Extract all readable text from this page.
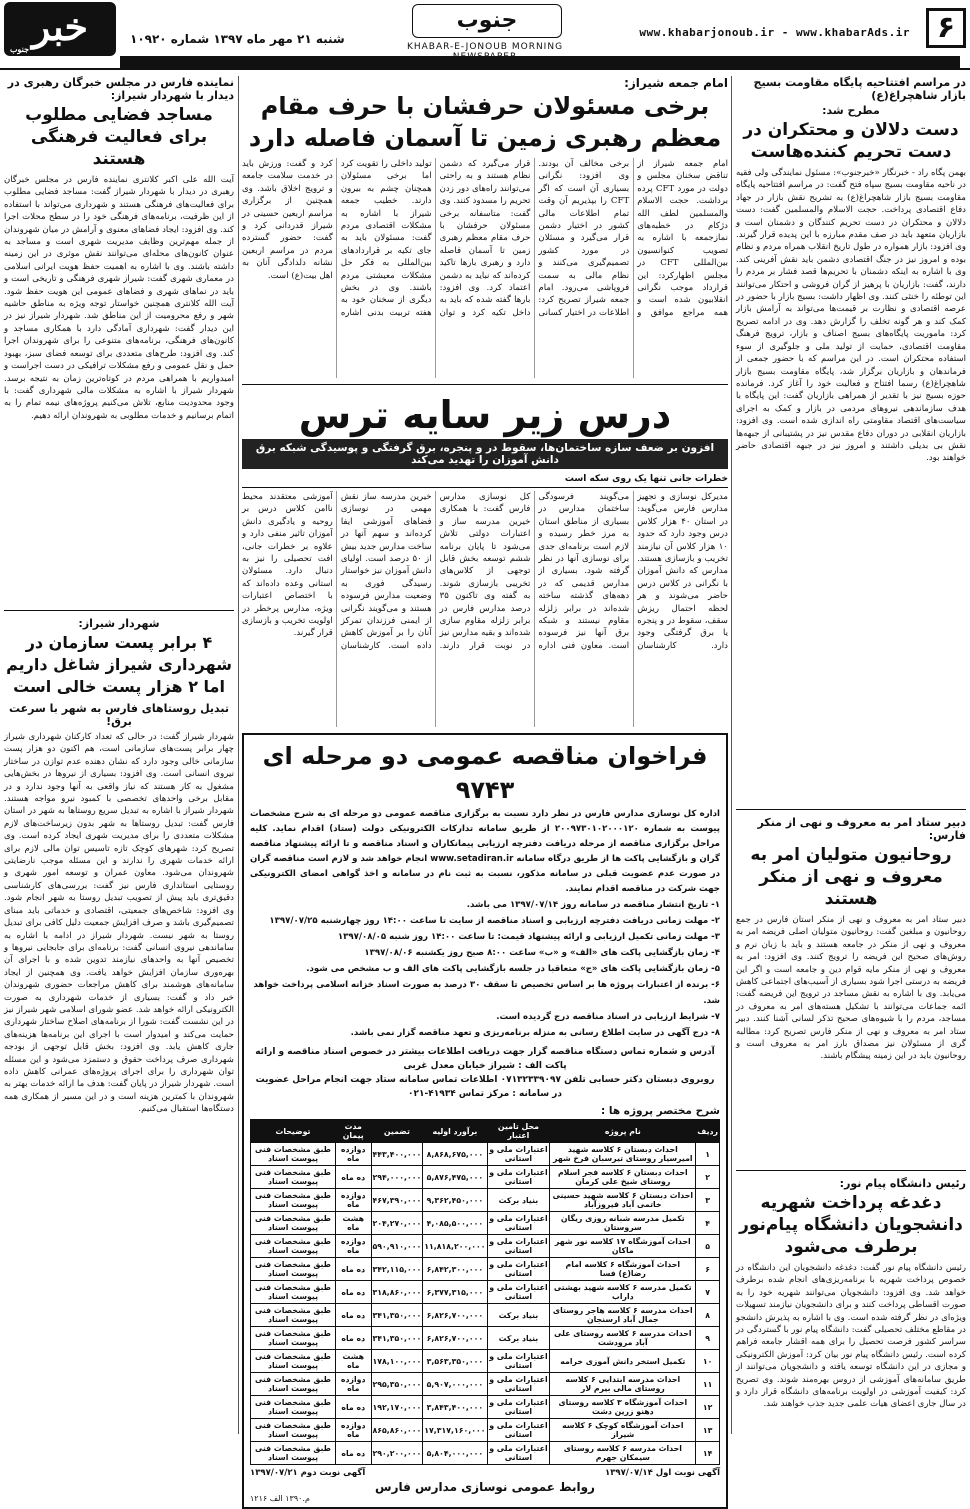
۶
www.khabarjonoub.ir - www.khabarAds.ir
جنوب
KHABAR-E-JONOUB MORNING
شنبه ۲۱ مهر ماه ۱۳۹۷ شماره ۱۰۹۲۰
خبر
جنوب
در مراسم افتتاحیه پایگاه مقاومت بسیج بازار شاهچراغ(ع)
مطرح شد:
دست دلالان و محتکران در دست تحریم کننده‌هاست
بهمن پگاه راد - خبرنگار «خبرجنوب»: مسئول نمایندگی ولی فقیه در ناحیه مقاومت بسیج سپاه فتح گفت: در مراسم افتتاحیه پایگاه مقاومت بسیج بازار شاهچراغ(ع) به تشریح نقش بازار در جهاد دفاع اقتصادی پرداخت. حجت الاسلام والمسلمین گفت: دست دلالان و محتکران در دست تحریم کنندگان و دشمنان است و بازاریان متعهد باید در صف مقدم مبارزه با این پدیده قرار گیرند. وی افزود: بازار همواره در طول تاریخ انقلاب همراه مردم و نظام بوده و امروز نیز در جنگ اقتصادی دشمن باید نقش آفرینی کند. وی با اشاره به اینکه دشمنان با تحریم‌ها قصد فشار بر مردم را دارند، گفت: بازاریان با پرهیز از گران فروشی و احتکار می‌توانند این توطئه را خنثی کنند. وی اظهار داشت: بسیج بازار با حضور در عرصه اقتصادی و نظارت بر قیمت‌ها می‌تواند به آرامش بازار کمک کند و هر گونه تخلف را گزارش دهد. وی در ادامه تصریح کرد: ماموریت پایگاه‌های بسیج اصناف و بازار، ترویج فرهنگ مقاومت اقتصادی، حمایت از تولید ملی و جلوگیری از سوء استفاده محتکران است. در این مراسم که با حضور جمعی از فرماندهان و بازاریان برگزار شد، پایگاه مقاومت بسیج بازار شاهچراغ(ع) رسما افتتاح و فعالیت خود را آغاز کرد. فرمانده حوزه بسیج نیز با تقدیر از همراهی بازاریان گفت: این پایگاه با هدف سازماندهی نیروهای مردمی در بازار و کمک به اجرای سیاست‌های اقتصاد مقاومتی راه اندازی شده است. وی افزود: بازاریان انقلابی در دوران دفاع مقدس نیز در پشتیبانی از جبهه‌ها نقش بی بدیلی داشتند و امروز نیز در جبهه اقتصادی حاضر خواهند بود.
دبیر ستاد امر به معروف و نهی از منکر فارس:
روحانیون متولیان امر به معروف و نهی از منکر هستند
دبیر ستاد امر به معروف و نهی از منکر استان فارس در جمع روحانیون و مبلغین گفت: روحانیون متولیان اصلی فریضه امر به معروف و نهی از منکر در جامعه هستند و باید با زبان نرم و روش‌های صحیح این فریضه را ترویج کنند. وی افزود: امر به معروف و نهی از منکر مایه قوام دین و جامعه است و اگر این فریضه به درستی اجرا شود بسیاری از آسیب‌های اجتماعی کاهش می‌یابد. وی با اشاره به نقش مساجد در ترویج این فریضه گفت: ائمه جماعات می‌توانند با تشکیل هسته‌های امر به معروف در مساجد، مردم را با شیوه‌های صحیح تذکر لسانی آشنا کنند. دبیر ستاد امر به معروف و نهی از منکر فارس تصریح کرد: مطالبه گری از مسئولان نیز مصداق بارز امر به معروف است و روحانیون باید در این زمینه پیشگام باشند.
رئیس دانشگاه پیام نور:
دغدغه پرداخت شهریه دانشجویان دانشگاه پیام‌نور برطرف می‌شود
رئیس دانشگاه پیام نور گفت: دغدغه دانشجویان این دانشگاه در خصوص پرداخت شهریه با برنامه‌ریزی‌های انجام شده برطرف خواهد شد. وی افزود: دانشجویان می‌توانند شهریه خود را به صورت اقساطی پرداخت کنند و برای دانشجویان نیازمند تسهیلات ویژه‌ای در نظر گرفته شده است. وی با اشاره به پذیرش دانشجو در مقاطع مختلف تحصیلی گفت: دانشگاه پیام نور با گستردگی در سراسر کشور فرصت تحصیل را برای همه اقشار جامعه فراهم کرده است. رئیس دانشگاه پیام نور بیان کرد: آموزش الکترونیکی و مجازی در این دانشگاه توسعه یافته و دانشجویان می‌توانند از طریق سامانه‌های آموزشی از دروس بهره‌مند شوند. وی تصریح کرد: کیفیت آموزشی در اولویت برنامه‌های دانشگاه قرار دارد و در سال جاری اعضای هیات علمی جدید جذب خواهند شد.
امام جمعه شیراز:
برخی مسئولان حرفشان با حرف مقام معظم رهبری زمین تا آسمان فاصله دارد
امام جمعه شیراز از تناقض سخنان مجلس و دولت در مورد CFT پرده برداشت. حجت الاسلام والمسلمین لطف الله دژکام در خطبه‌های نمازجمعه با اشاره به تصویب کنوانسیون بین‌المللی CFT در مجلس اظهارکرد: این قرارداد موجب نگرانی انقلابیون شده است و همه مراجع موافق و برخی مخالف آن بودند. وی افزود: نگرانی بسیاری آن است که اگر CFT را بپذیریم آن وقت تمام اطلاعات مالی کشور در اختیار دشمن قرار می‌گیرد و مسئلان در مورد کشور تصمیم‌گیری می‌کنند و نظام مالی به سمت فروپاشی می‌رود. امام جمعه شیراز تصریح کرد: اطلاعات در اختیار کسانی قرار می‌گیرد که دشمن نظام هستند و به راحتی می‌توانند راه‌های دور زدن تحریم را مسدود کنند. وی گفت: متاسفانه برخی مسئولان حرفشان با حرف مقام معظم رهبری زمین تا آسمان فاصله دارد و رهبری بارها تاکید کرده‌اند که نباید به دشمن اعتماد کرد. وی افزود: بارها گفته شده که باید به داخل تکیه کرد و توان تولید داخلی را تقویت کرد اما برخی مسئولان همچنان چشم به بیرون دارند. خطیب جمعه شیراز با اشاره به مشکلات اقتصادی مردم گفت: مسئولان باید به جای تکیه بر قراردادهای بین‌المللی به فکر حل مشکلات معیشتی مردم باشند. وی در بخش دیگری از سخنان خود به هفته تربیت بدنی اشاره کرد و گفت: ورزش باید در خدمت سلامت جامعه و ترویج اخلاق باشد. وی همچنین از برگزاری مراسم اربعین حسینی در شیراز قدردانی کرد و گفت: حضور گسترده مردم در مراسم اربعین نشانه دلدادگی آنان به اهل بیت(ع) است.
درس زیر سایه ترس
افزون بر ضعف سازه ساختمان‌ها، سقوط در و پنجره، برق گرفتگی و پوسیدگی شبکه برق دانش آموزان را تهدید می‌کند
خطرات جانی تنها یک روی سکه است
مدیرکل نوسازی و تجهیز مدارس فارس می‌گوید: در استان ۴۰ هزار کلاس درس وجود دارد که حدود ۱۰ هزار کلاس آن نیازمند تخریب و بازسازی هستند. مدارس که دانش آموزان با نگرانی در کلاس درس حاضر می‌شوند و هر لحظه احتمال ریزش سقف، سقوط در و پنجره یا برق گرفتگی وجود دارد. کارشناسان می‌گویند فرسودگی ساختمان مدارس در بسیاری از مناطق استان به مرز خطر رسیده و لازم است برنامه‌ای جدی برای نوسازی آنها در نظر گرفته شود. بسیاری از مدارس قدیمی که در دهه‌های گذشته ساخته شده‌اند در برابر زلزله مقاوم نیستند و شبکه برق آنها نیز فرسوده است. معاون فنی اداره کل نوسازی مدارس فارس گفت: با همکاری خیرین مدرسه ساز و اعتبارات دولتی تلاش می‌شود تا پایان برنامه ششم توسعه بخش قابل توجهی از کلاس‌های تخریبی بازسازی شوند. به گفته وی تاکنون ۳۵ درصد مدارس فارس در برابر زلزله مقاوم سازی شده‌اند و بقیه مدارس نیز در نوبت قرار دارند. خیرین مدرسه ساز نقش مهمی در نوسازی فضاهای آموزشی ایفا کرده‌اند و سهم آنها در ساخت مدارس جدید بیش از ۵۰ درصد است. اولیای دانش آموزان نیز خواستار رسیدگی فوری به وضعیت مدارس فرسوده هستند و می‌گویند نگرانی از ایمنی فرزندان تمرکز آنان را بر آموزش کاهش داده است. کارشناسان آموزشی معتقدند محیط ناامن کلاس درس بر روحیه و یادگیری دانش آموزان تاثیر منفی دارد و علاوه بر خطرات جانی، افت تحصیلی را نیز به دنبال دارد. مسئولان استانی وعده داده‌اند که با اختصاص اعتبارات ویژه، مدارس پرخطر در اولویت تخریب و بازسازی قرار گیرند.
فراخوان مناقصه عمومی دو مرحله ای ۹۷۴۳
اداره کل نوسازی مدارس فارس در نظر دارد نسبت به برگزاری مناقصه عمومی دو مرحله ای به شرح مشخصات پیوست به شماره ۲۰۰۹۷۳۰۱۰۲۰۰۰۱۲۰ از طریق سامانه تدارکات الکترونیکی دولت (ستاد) اقدام نماید. کلیه مراحل برگزاری مناقصه از مرحله دریافت دفترچه ارزیابی پیمانکاران و اسناد مناقصه و تا ارائه پیشنهاد مناقصه گران و بازگشایی پاکت ها از طریق درگاه سامانه www.setadiran.ir انجام خواهد شد و لازم است مناقصه گران در صورت عدم عضویت قبلی در سامانه مذکور، نسبت به ثبت نام در سامانه و اخذ گواهی امضای الکترونیکی جهت شرکت در مناقصه اقدام نمایند.
۱- تاریخ انتشار مناقصه در سامانه روز ۱۳۹۷/۰۷/۱۴ می باشد.
۲- مهلت زمانی دریافت دفترچه ارزیابی و اسناد مناقصه از سایت تا ساعت ۱۴:۰۰ روز چهارشنبه ۱۳۹۷/۰۷/۲۵
۳- مهلت زمانی تکمیل ارزیابی و ارائه پیشنهاد قیمت: تا ساعت ۱۴:۰۰ روز شنبه ۱۳۹۷/۰۸/۰۵
۴- زمان بازگشایی پاکت های «الف» و «ب» ساعت ۸:۰۰ صبح روز یکشنبه ۱۳۹۷/۰۸/۰۶
۵- زمان بازگشایی پاکت های «ج» متعاقبا در جلسه بازگشایی پاکت های الف و ب مشخص می شود.
۶- برنده از اعتبارات پروژه ها بر اساس تخصیص تا سقف ۳۰ درصد به صورت اسناد خزانه اسلامی پرداخت خواهد شد.
۷- شرایط ارزیابی در اسناد مناقصه درج گردیده است.
۸- درج آگهی در سایت اطلاع رسانی به منزله برنامه‌ریزی و تعهد مناقصه گزار نمی باشد.
آدرس و شماره تماس دستگاه مناقصه گزار جهت دریافت اطلاعات بیشتر در خصوص اسناد مناقصه و ارائه پاکت الف : شیراز خیابان معدل غربی
روبروی دبستان دکتر حسابی تلفن ۰۷۱۳۲۳۳۹۰۹۷ اطلاعات تماس سامانه ستاد جهت انجام مراحل عضویت در سامانه : مرکز تماس ۴۱۹۳۴-۰۲۱
شرح مختصر پروژه ها :
ردیف	نام پروژه	محل تامین اعتبار	برآورد اولیه	تضمین	مدت پیمان	توضیحات
۱	احداث دبستان ۶ کلاسه شهید امیرسیار روستای تیرسبان فرخ شهر	اعتبارات ملی و استانی	۸,۸۶۸,۶۷۵,۰۰۰	۴۴۳,۴۰۰,۰۰۰	دوازده ماه	طبق مشخصات فنی پیوست اسناد
۲	احداث دبستان ۶ کلاسه فجر اسلام روستای شیخ علی کرمان	اعتبارات ملی و استانی	۵,۸۷۶,۴۷۵,۰۰۰	۲۹۴,۰۰۰,۰۰۰	ده ماه	طبق مشخصات فنی پیوست اسناد
۳	احداث دبستان ۶ کلاسه شهید حسینی خاتمی آباد فیروزآباد	بنیاد برکت	۹,۳۶۲,۴۵۰,۰۰۰	۴۶۷,۳۹۰,۰۰۰	دوازده ماه	طبق مشخصات فنی پیوست اسناد
۴	تکمیل مدرسه شبانه روزی ریگان سروستان	اعتبارات ملی و استانی	۴,۰۸۵,۵۰۰,۰۰۰	۲۰۴,۲۷۰,۰۰۰	هشت ماه	طبق مشخصات فنی پیوست اسناد
۵	احداث آموزشگاه ۱۷ کلاسه نور شهر ماکان	اعتبارات ملی و استانی	۱۱,۸۱۸,۲۰۰,۰۰۰	۵۹۰,۹۱۰,۰۰۰	دوازده ماه	طبق مشخصات فنی پیوست اسناد
۶	احداث آموزشگاه ۶ کلاسه امام رضا(ع) فسا	اعتبارات ملی و استانی	۶,۸۴۲,۳۰۰,۰۰۰	۳۴۲,۱۱۵,۰۰۰	ده ماه	طبق مشخصات فنی پیوست اسناد
۷	تکمیل مدرسه ۶ کلاسه شهید بهشتی داراب	اعتبارات ملی و استانی	۶,۳۷۷,۳۱۵,۰۰۰	۳۱۸,۸۶۰,۰۰۰	ده ماه	طبق مشخصات فنی پیوست اسناد
۸	احداث مدرسه ۶ کلاسه هاجر روستای جمال آباد ارسنجان	بنیاد برکت	۶,۸۲۶,۷۰۰,۰۰۰	۳۴۱,۳۵۰,۰۰۰	ده ماه	طبق مشخصات فنی پیوست اسناد
۹	احداث مدرسه ۶ کلاسه روستای علی آباد مرودشت	بنیاد برکت	۶,۸۲۶,۷۰۰,۰۰۰	۳۴۱,۳۵۰,۰۰۰	ده ماه	طبق مشخصات فنی پیوست اسناد
۱۰	تکمیل استخر دانش آموزی خرامه	اعتبارات ملی و استانی	۳,۵۶۳,۳۵۰,۰۰۰	۱۷۸,۱۰۰,۰۰۰	هشت ماه	طبق مشخصات فنی پیوست اسناد
۱۱	احداث مدرسه ابتدایی ۶ کلاسه روستای مالی بیرم لار	اعتبارات ملی و استانی	۵,۹۰۷,۰۰۰,۰۰۰	۲۹۵,۳۵۰,۰۰۰	دوازده ماه	طبق مشخصات فنی پیوست اسناد
۱۲	احداث آموزشگاه ۳ کلاسه روستای دهنو زرین دشت	اعتبارات ملی و استانی	۳,۸۴۳,۴۰۰,۰۰۰	۱۹۲,۱۷۰,۰۰۰	ده ماه	طبق مشخصات فنی پیوست اسناد
۱۳	احداث آموزشگاه کوچک ۶ کلاسه شیراز	اعتبارات ملی و استانی	۱۷,۳۱۷,۱۶۰,۰۰۰	۸۶۵,۸۶۰,۰۰۰	دوازده ماه	طبق مشخصات فنی پیوست اسناد
۱۴	احداث مدرسه ۶ کلاسه روستای سیمکان جهرم	اعتبارات ملی و استانی	۵,۸۰۴,۰۰۰,۰۰۰	۲۹۰,۲۰۰,۰۰۰	ده ماه	طبق مشخصات فنی پیوست اسناد
آگهی نوبت اول ۱۳۹۷/۰۷/۱۴
آگهی نوبت دوم ۱۳۹۷/۰۷/۲۱
روابط عمومی نوسازی مدارس فارس
م.۱۳۹۰ الف ۱۲۱۶
نماینده فارس در مجلس خبرگان رهبری در دیدار با شهردار شیراز:
مساجد فضایی مطلوب برای فعالیت فرهنگی هستند
آیت الله علی اکبر کلانتری نماینده فارس در مجلس خبرگان رهبری در دیدار با شهردار شیراز گفت: مساجد فضایی مطلوب برای فعالیت‌های فرهنگی هستند و شهرداری می‌تواند با استفاده از این ظرفیت، برنامه‌های فرهنگی خود را در سطح محلات اجرا کند. وی افزود: ایجاد فضاهای معنوی و آرامش در میان شهروندان از جمله مهم‌ترین وظایف مدیریت شهری است و مساجد به عنوان کانون‌های محله‌ای می‌توانند نقش موثری در این زمینه داشته باشند. وی با اشاره به اهمیت حفظ هویت ایرانی اسلامی در معماری شهری گفت: شیراز شهری فرهنگی و تاریخی است و باید در نماهای شهری و فضاهای عمومی این هویت حفظ شود. آیت الله کلانتری همچنین خواستار توجه ویژه به مناطق حاشیه شهر و رفع محرومیت از این مناطق شد. شهردار شیراز نیز در این دیدار گفت: شهرداری آمادگی دارد با همکاری مساجد و کانون‌های فرهنگی، برنامه‌های متنوعی را برای شهروندان اجرا کند. وی افزود: طرح‌های متعددی برای توسعه فضای سبز، بهبود حمل و نقل عمومی و رفع مشکلات ترافیکی در دست اجراست و امیدواریم با همراهی مردم در کوتاه‌ترین زمان به نتیجه برسد. شهردار شیراز با اشاره به مشکلات مالی شهرداری گفت: با وجود محدودیت منابع، تلاش می‌کنیم پروژه‌های نیمه تمام را به اتمام برسانیم و خدمات مطلوبی به شهروندان ارائه دهیم.
شهردار شیراز:
۴ برابر پست سازمان در شهرداری شیراز شاغل داریم اما ۲ هزار پست خالی است
تبدیل روستاهای فارس به شهر با سرعت برق!
شهردار شیراز گفت: در حالی که تعداد کارکنان شهرداری شیراز چهار برابر پست‌های سازمانی است، هم اکنون دو هزار پست سازمانی خالی وجود دارد که نشان دهنده عدم توازن در ساختار نیروی انسانی است. وی افزود: بسیاری از نیروها در بخش‌هایی مشغول به کار هستند که نیاز واقعی به آنها وجود ندارد و در مقابل برخی واحدهای تخصصی با کمبود نیرو مواجه هستند. شهردار شیراز با اشاره به تبدیل سریع روستاها به شهر در استان فارس گفت: تبدیل روستاها به شهر بدون زیرساخت‌های لازم مشکلات متعددی را برای مدیریت شهری ایجاد کرده است. وی تصریح کرد: شهرهای کوچک تازه تاسیس توان مالی لازم برای ارائه خدمات شهری را ندارند و این مسئله موجب نارضایتی شهروندان می‌شود. معاون عمران و توسعه امور شهری و روستایی استانداری فارس نیز گفت: بررسی‌های کارشناسی دقیق‌تری باید پیش از تصویب تبدیل روستا به شهر انجام شود. وی افزود: شاخص‌های جمعیتی، اقتصادی و خدماتی باید مبنای تصمیم‌گیری باشد و صرف افزایش جمعیت دلیل کافی برای تبدیل روستا به شهر نیست. شهردار شیراز در ادامه با اشاره به ساماندهی نیروی انسانی گفت: برنامه‌ای برای جابجایی نیروها و تخصیص آنها به واحدهای نیازمند تدوین شده و با اجرای آن بهره‌وری سازمان افزایش خواهد یافت. وی همچنین از ایجاد سامانه‌های هوشمند برای کاهش مراجعات حضوری شهروندان خبر داد و گفت: بسیاری از خدمات شهرداری به صورت الکترونیکی ارائه خواهد شد. عضو شورای اسلامی شهر شیراز نیز در این نشست گفت: شورا از برنامه‌های اصلاح ساختار شهرداری حمایت می‌کند و امیدوار است با اجرای این برنامه‌ها هزینه‌های جاری کاهش یابد. وی افزود: بخش قابل توجهی از بودجه شهرداری صرف پرداخت حقوق و دستمزد می‌شود و این مسئله توان شهرداری را برای اجرای پروژه‌های عمرانی کاهش داده است. شهردار شیراز در پایان گفت: هدف ما ارائه خدمات بهتر به شهروندان با کمترین هزینه است و در این مسیر از همکاری همه دستگاه‌ها استقبال می‌کنیم.
